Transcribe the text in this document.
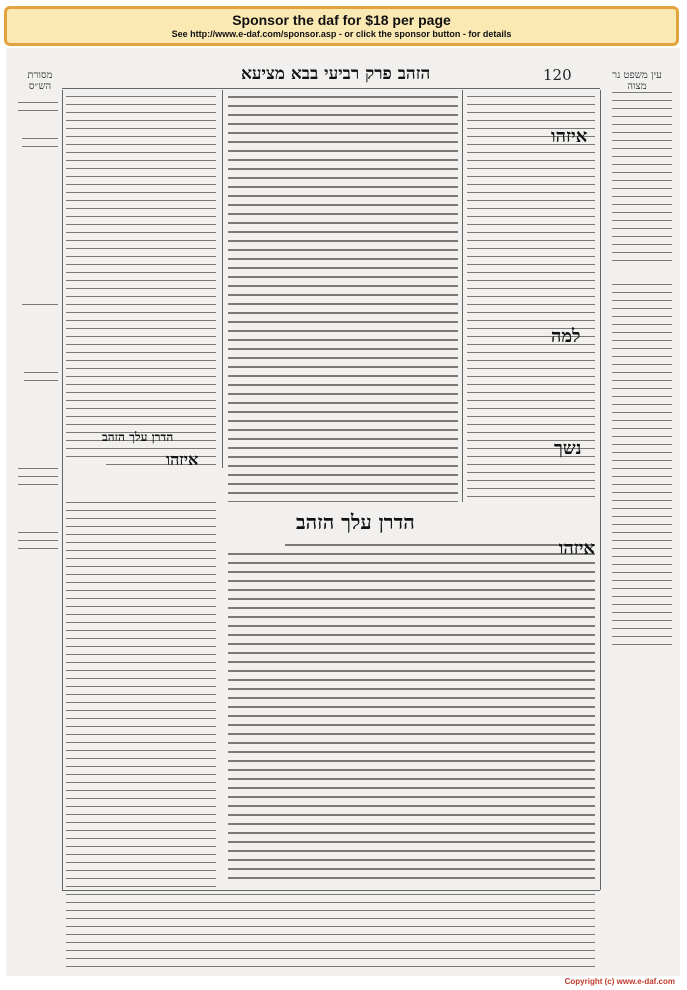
Sponsor the daf for $18 per page
See http://www.e-daf.com/sponsor.asp - or click the sponsor button - for details
120
הזהב פרק רביעי בבא מציעא
מסורת הש״ס
עין משפט נר מצוה
הדרן עלך הזהב
איזהו
איזהו
למה
נשך
הדרן עלך הזהב
איזהו
Copyright (c) www.e-daf.com
